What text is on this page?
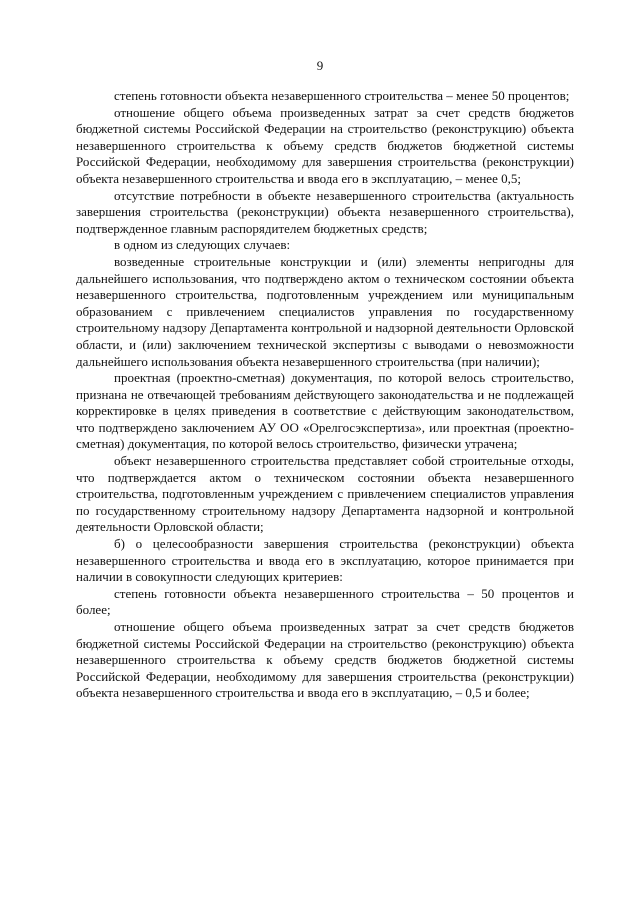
9

степень готовности объекта незавершенного строительства – менее 50 процентов;

отношение общего объема произведенных затрат за счет средств бюджетов бюджетной системы Российской Федерации на строительство (реконструкцию) объекта незавершенного строительства к объему средств бюджетов бюджетной системы Российской Федерации, необходимому для завершения строительства (реконструкции) объекта незавершенного строительства и ввода его в эксплуатацию, – менее 0,5;

отсутствие потребности в объекте незавершенного строительства (актуальность завершения строительства (реконструкции) объекта незавершенного строительства), подтвержденное главным распорядителем бюджетных средств;

в одном из следующих случаев:

возведенные строительные конструкции и (или) элементы непригодны для дальнейшего использования, что подтверждено актом о техническом состоянии объекта незавершенного строительства, подготовленным учреждением или муниципальным образованием с привлечением специалистов управления по государственному строительному надзору Департамента контрольной и надзорной деятельности Орловской области, и (или) заключением технической экспертизы с выводами о невозможности дальнейшего использования объекта незавершенного строительства (при наличии);

проектная (проектно-сметная) документация, по которой велось строительство, признана не отвечающей требованиям действующего законодательства и не подлежащей корректировке в целях приведения в соответствие с действующим законодательством, что подтверждено заключением АУ ОО «Орелгосэкспертиза», или проектная (проектно-сметная) документация, по которой велось строительство, физически утрачена;

объект незавершенного строительства представляет собой строительные отходы, что подтверждается актом о техническом состоянии объекта незавершенного строительства, подготовленным учреждением с привлечением специалистов управления по государственному строительному надзору Департамента надзорной и контрольной деятельности Орловской области;

б) о целесообразности завершения строительства (реконструкции) объекта незавершенного строительства и ввода его в эксплуатацию, которое принимается при наличии в совокупности следующих критериев:

степень готовности объекта незавершенного строительства – 50 процентов и более;

отношение общего объема произведенных затрат за счет средств бюджетов бюджетной системы Российской Федерации на строительство (реконструкцию) объекта незавершенного строительства к объему средств бюджетов бюджетной системы Российской Федерации, необходимому для завершения строительства (реконструкции) объекта незавершенного строительства и ввода его в эксплуатацию, – 0,5 и более;
